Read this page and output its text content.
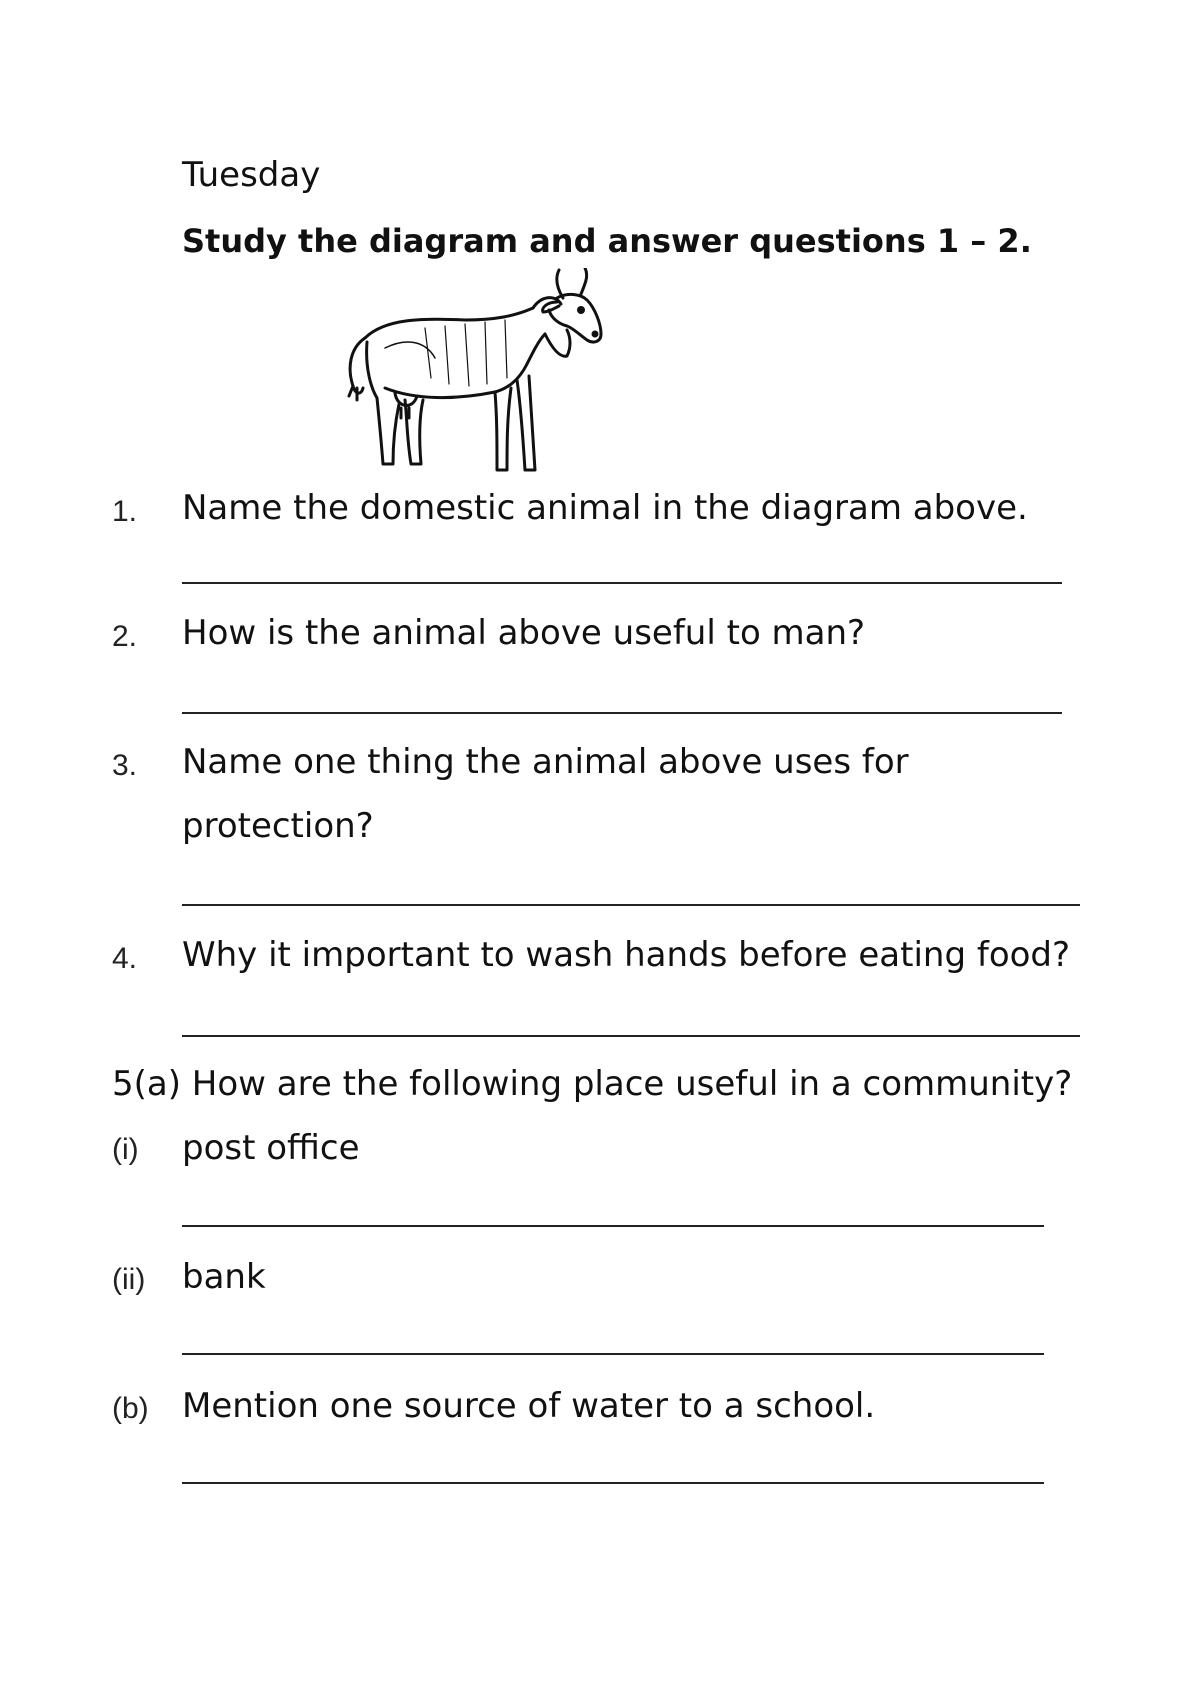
Tuesday
Study the diagram and answer questions 1 – 2.
1. Name the domestic animal in the diagram above.
2. How is the animal above useful to man?
3. Name one thing the animal above uses for
protection?
4. Why it important to wash hands before eating food?
5(a) How are the following place useful in a community?
(i) post office
(ii) bank
(b) Mention one source of water to a school.
